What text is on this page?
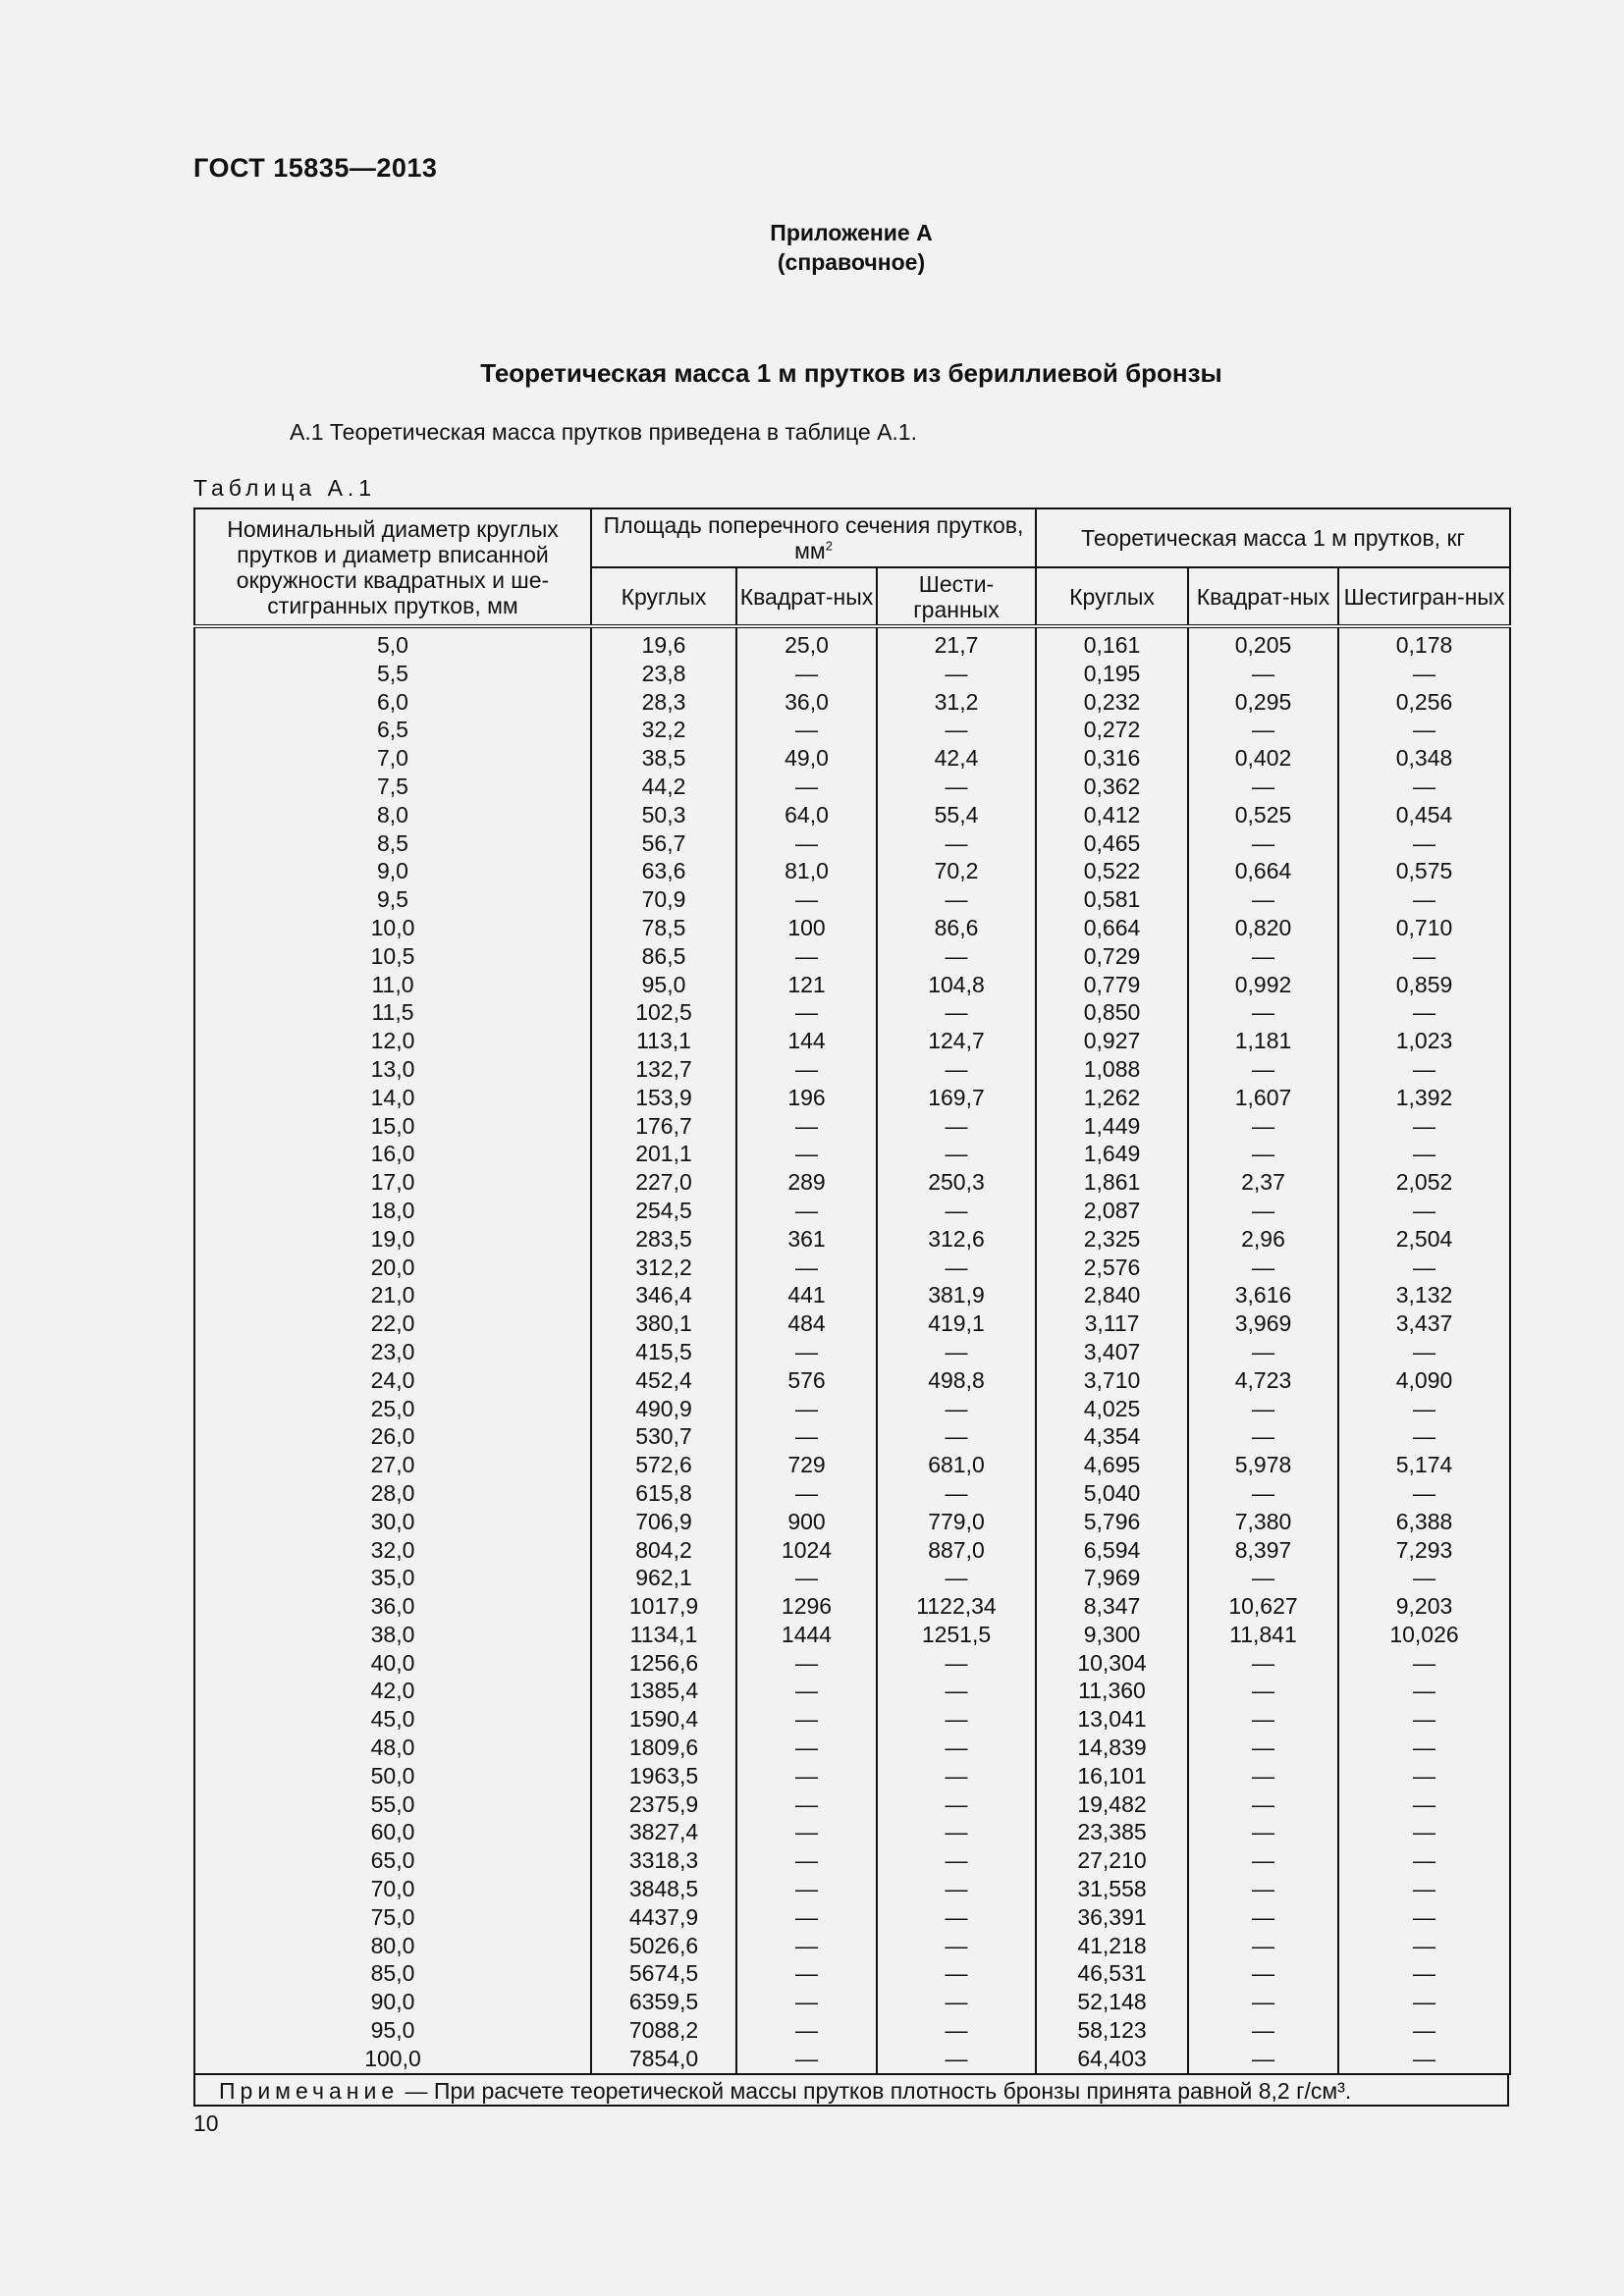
ГОСТ 15835—2013
Приложение А
(справочное)
Теоретическая масса 1 м прутков из бериллиевой бронзы
А.1 Теоретическая масса прутков приведена в таблице А.1.
Таблица А.1
Номинальный диаметр круглых прутков и диаметр вписанной окружности квадратных и ше-стигранных прутков, мм	Площадь поперечного сечения прутков, $мм^2$			Теоретическая масса 1 м прутков, кг		
	Круглых	Квадрат-ных	Шести-гранных	Круглых	Квадрат-ных	Шестигран-ных
5,0	19,6	25,0	21,7	0,161	0,205	0,178
5,5	23,8	—	—	0,195	—	—
6,0	28,3	36,0	31,2	0,232	0,295	0,256
6,5	32,2	—	—	0,272	—	—
7,0	38,5	49,0	42,4	0,316	0,402	0,348
7,5	44,2	—	—	0,362	—	—
8,0	50,3	64,0	55,4	0,412	0,525	0,454
8,5	56,7	—	—	0,465	—	—
9,0	63,6	81,0	70,2	0,522	0,664	0,575
9,5	70,9	—	—	0,581	—	—
10,0	78,5	100	86,6	0,664	0,820	0,710
10,5	86,5	—	—	0,729	—	—
11,0	95,0	121	104,8	0,779	0,992	0,859
11,5	102,5	—	—	0,850	—	—
12,0	113,1	144	124,7	0,927	1,181	1,023
13,0	132,7	—	—	1,088	—	—
14,0	153,9	196	169,7	1,262	1,607	1,392
15,0	176,7	—	—	1,449	—	—
16,0	201,1	—	—	1,649	—	—
17,0	227,0	289	250,3	1,861	2,37	2,052
18,0	254,5	—	—	2,087	—	—
19,0	283,5	361	312,6	2,325	2,96	2,504
20,0	312,2	—	—	2,576	—	—
21,0	346,4	441	381,9	2,840	3,616	3,132
22,0	380,1	484	419,1	3,117	3,969	3,437
23,0	415,5	—	—	3,407	—	—
24,0	452,4	576	498,8	3,710	4,723	4,090
25,0	490,9	—	—	4,025	—	—
26,0	530,7	—	—	4,354	—	—
27,0	572,6	729	681,0	4,695	5,978	5,174
28,0	615,8	—	—	5,040	—	—
30,0	706,9	900	779,0	5,796	7,380	6,388
32,0	804,2	1024	887,0	6,594	8,397	7,293
35,0	962,1	—	—	7,969	—	—
36,0	1017,9	1296	1122,34	8,347	10,627	9,203
38,0	1134,1	1444	1251,5	9,300	11,841	10,026
40,0	1256,6	—	—	10,304	—	—
42,0	1385,4	—	—	11,360	—	—
45,0	1590,4	—	—	13,041	—	—
48,0	1809,6	—	—	14,839	—	—
50,0	1963,5	—	—	16,101	—	—
55,0	2375,9	—	—	19,482	—	—
60,0	3827,4	—	—	23,385	—	—
65,0	3318,3	—	—	27,210	—	—
70,0	3848,5	—	—	31,558	—	—
75,0	4437,9	—	—	36,391	—	—
80,0	5026,6	—	—	41,218	—	—
85,0	5674,5	—	—	46,531	—	—
90,0	6359,5	—	—	52,148	—	—
95,0	7088,2	—	—	58,123	—	—
100,0	7854,0	—	—	64,403	—	—
Примечание — При расчете теоретической массы прутков плотность бронзы принята равной 8,2 г/см³.
10
